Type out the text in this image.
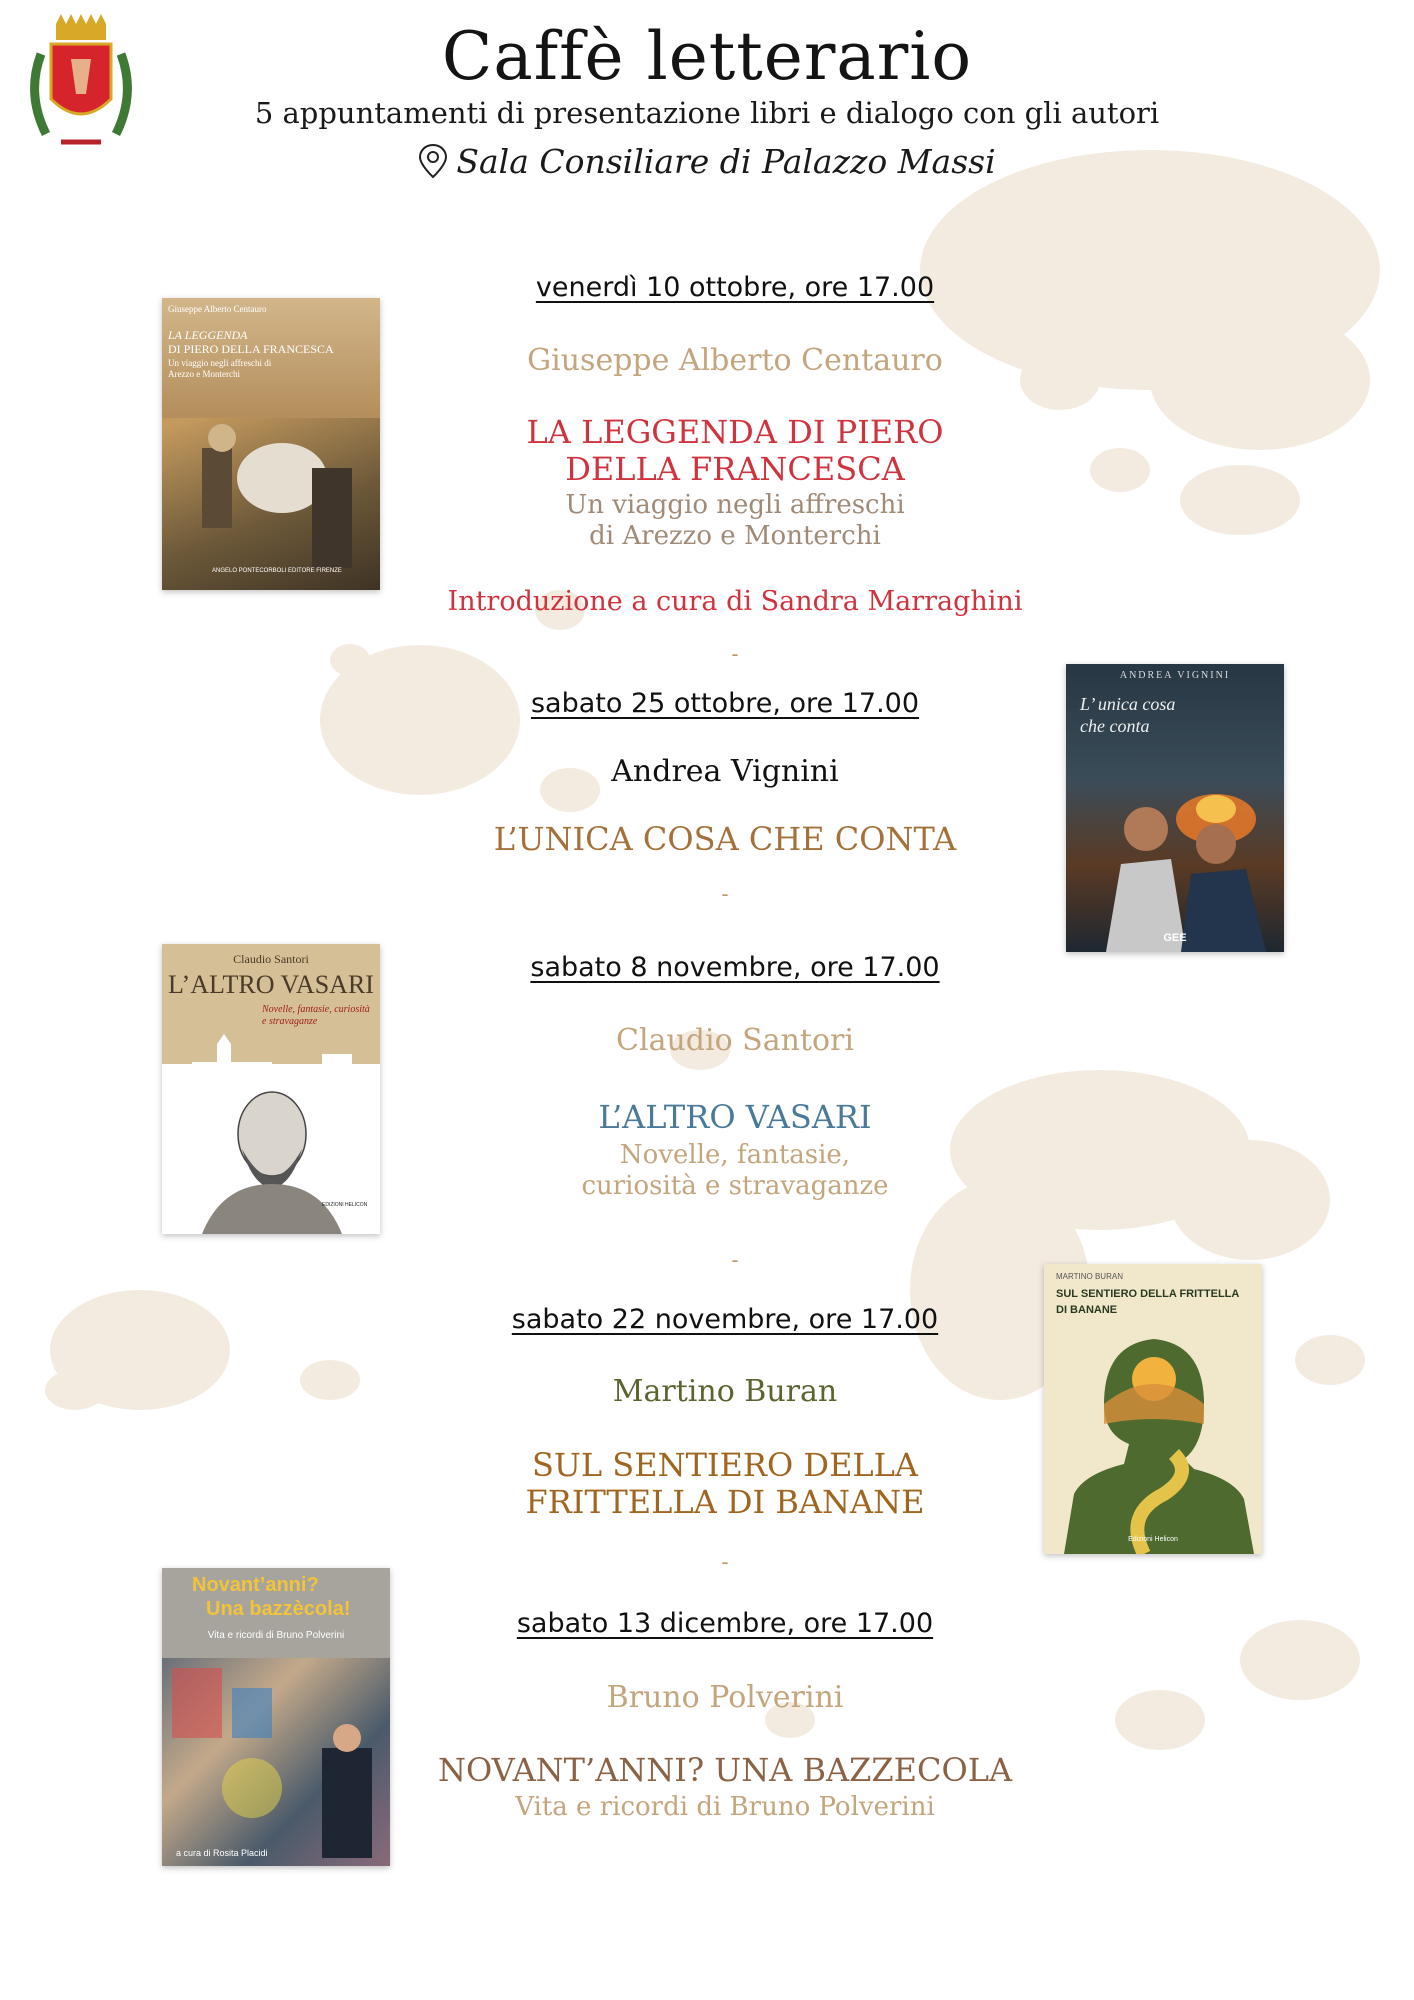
Caffè letterario
5 appuntamenti di presentazione libri e dialogo con gli autori
Sala Consiliare di Palazzo Massi
venerdì 10 ottobre, ore 17.00
Giuseppe Alberto Centauro
LA LEGGENDA DI PIERO
DELLA FRANCESCA
Un viaggio negli affreschi
di Arezzo e Monterchi
Introduzione a cura di Sandra Marraghini
-
Giuseppe Alberto Centauro
LA LEGGENDA
DI PIERO DELLA FRANCESCA
Un viaggio negli affreschi di Arezzo e Monterchi
ANGELO PONTECORBOLI EDITORE FIRENZE
sabato 25 ottobre, ore 17.00
Andrea Vignini
L’UNICA COSA CHE CONTA
-
ANDREA VIGNINI
L’ unica cosa
che conta
GEE
sabato 8 novembre, ore 17.00
Claudio Santori
L’ALTRO VASARI
Novelle, fantasie,
curiosità e stravaganze
-
Claudio Santori
L’ALTRO VASARI
Novelle, fantasie, curiosità e stravaganze
EDIZIONI HELICON
sabato 22 novembre, ore 17.00
Martino Buran
SUL SENTIERO DELLA
FRITTELLA DI BANANE
-
MARTINO BURAN
SUL SENTIERO DELLA FRITTELLA
DI BANANE
Edizioni Helicon
sabato 13 dicembre, ore 17.00
Bruno Polverini
NOVANT’ANNI? UNA BAZZECOLA
Vita e ricordi di Bruno Polverini
Novant’anni?
Una bazzècola!
Vita e ricordi di Bruno Polverini
a cura di Rosita Placidi
